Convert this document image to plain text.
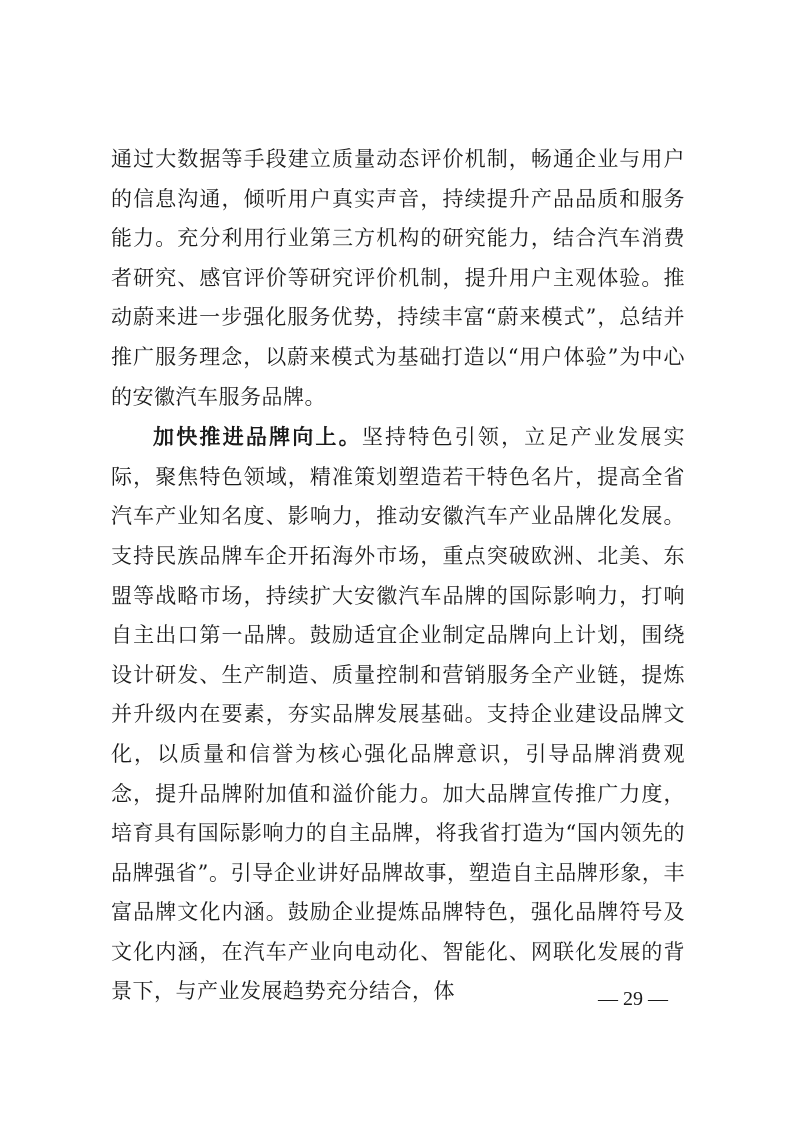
通过大数据等手段建立质量动态评价机制，畅通企业与用户的信息沟通，倾听用户真实声音，持续提升产品品质和服务能力。充分利用行业第三方机构的研究能力，结合汽车消费者研究、感官评价等研究评价机制，提升用户主观体验。推动蔚来进一步强化服务优势，持续丰富“蔚来模式”，总结并推广服务理念，以蔚来模式为基础打造以“用户体验”为中心的安徽汽车服务品牌。

加快推进品牌向上。坚持特色引领，立足产业发展实际，聚焦特色领域，精准策划塑造若干特色名片，提高全省汽车产业知名度、影响力，推动安徽汽车产业品牌化发展。支持民族品牌车企开拓海外市场，重点突破欧洲、北美、东盟等战略市场，持续扩大安徽汽车品牌的国际影响力，打响自主出口第一品牌。鼓励适宜企业制定品牌向上计划，围绕设计研发、生产制造、质量控制和营销服务全产业链，提炼并升级内在要素，夯实品牌发展基础。支持企业建设品牌文化，以质量和信誉为核心强化品牌意识，引导品牌消费观念，提升品牌附加值和溢价能力。加大品牌宣传推广力度，培育具有国际影响力的自主品牌，将我省打造为“国内领先的品牌强省”。引导企业讲好品牌故事，塑造自主品牌形象，丰富品牌文化内涵。鼓励企业提炼品牌特色，强化品牌符号及文化内涵，在汽车产业向电动化、智能化、网联化发展的背景下，与产业发展趋势充分结合，体	— 29 —
